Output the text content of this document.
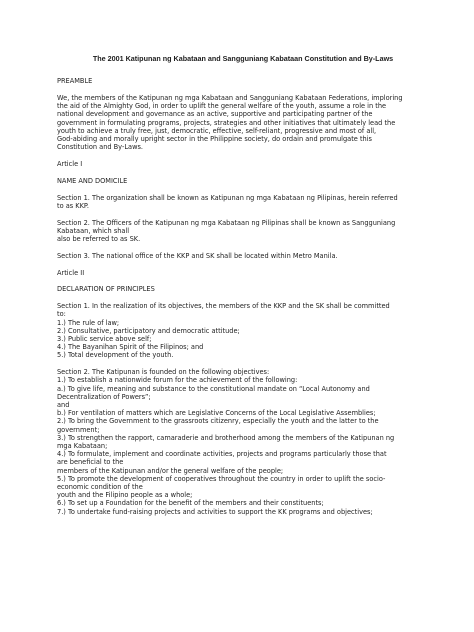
The 2001 Katipunan ng Kabataan and Sangguniang Kabataan Constitution and By-Laws
PREAMBLE
We, the members of the Katipunan ng mga Kabataan and Sangguniang Kabataan Federations, imploring
the aid of the Almighty God, in order to uplift the general welfare of the youth, assume a role in the
national development and governance as an active, supportive and participating partner of the
government in formulating programs, projects, strategies and other initiatives that ultimately lead the
youth to achieve a truly free, just, democratic, effective, self-reliant, progressive and most of all,
God-abiding and morally upright sector in the Philippine society, do ordain and promulgate this
Constitution and By-Laws.
Article I
NAME AND DOMICILE
Section 1. The organization shall be known as Katipunan ng mga Kabataan ng Pilipinas, herein referred
to as KKP.
Section 2. The Officers of the Katipunan ng mga Kabataan ng Pilipinas shall be known as Sangguniang
Kabataan, which shall
also be referred to as SK.
Section 3. The national office of the KKP and SK shall be located within Metro Manila.
Article II
DECLARATION OF PRINCIPLES
Section 1. In the realization of its objectives, the members of the KKP and the SK shall be committed
to:
1.) The rule of law;
2.) Consultative, participatory and democratic attitude;
3.) Public service above self;
4.) The Bayanihan Spirit of the Filipinos; and
5.) Total development of the youth.
Section 2. The Katipunan is founded on the following objectives:
1.) To establish a nationwide forum for the achievement of the following:
a.) To give life, meaning and substance to the constitutional mandate on “Local Autonomy and
Decentralization of Powers”;
and
b.) For ventilation of matters which are Legislative Concerns of the Local Legislative Assemblies;
2.) To bring the Government to the grassroots citizenry, especially the youth and the latter to the
government;
3.) To strengthen the rapport, camaraderie and brotherhood among the members of the Katipunan ng
mga Kabataan;
4.) To formulate, implement and coordinate activities, projects and programs particularly those that
are beneficial to the
members of the Katipunan and/or the general welfare of the people;
5.) To promote the development of cooperatives throughout the country in order to uplift the socio-
economic condition of the
youth and the Filipino people as a whole;
6.) To set up a Foundation for the benefit of the members and their constituents;
7.) To undertake fund-raising projects and activities to support the KK programs and objectives;
